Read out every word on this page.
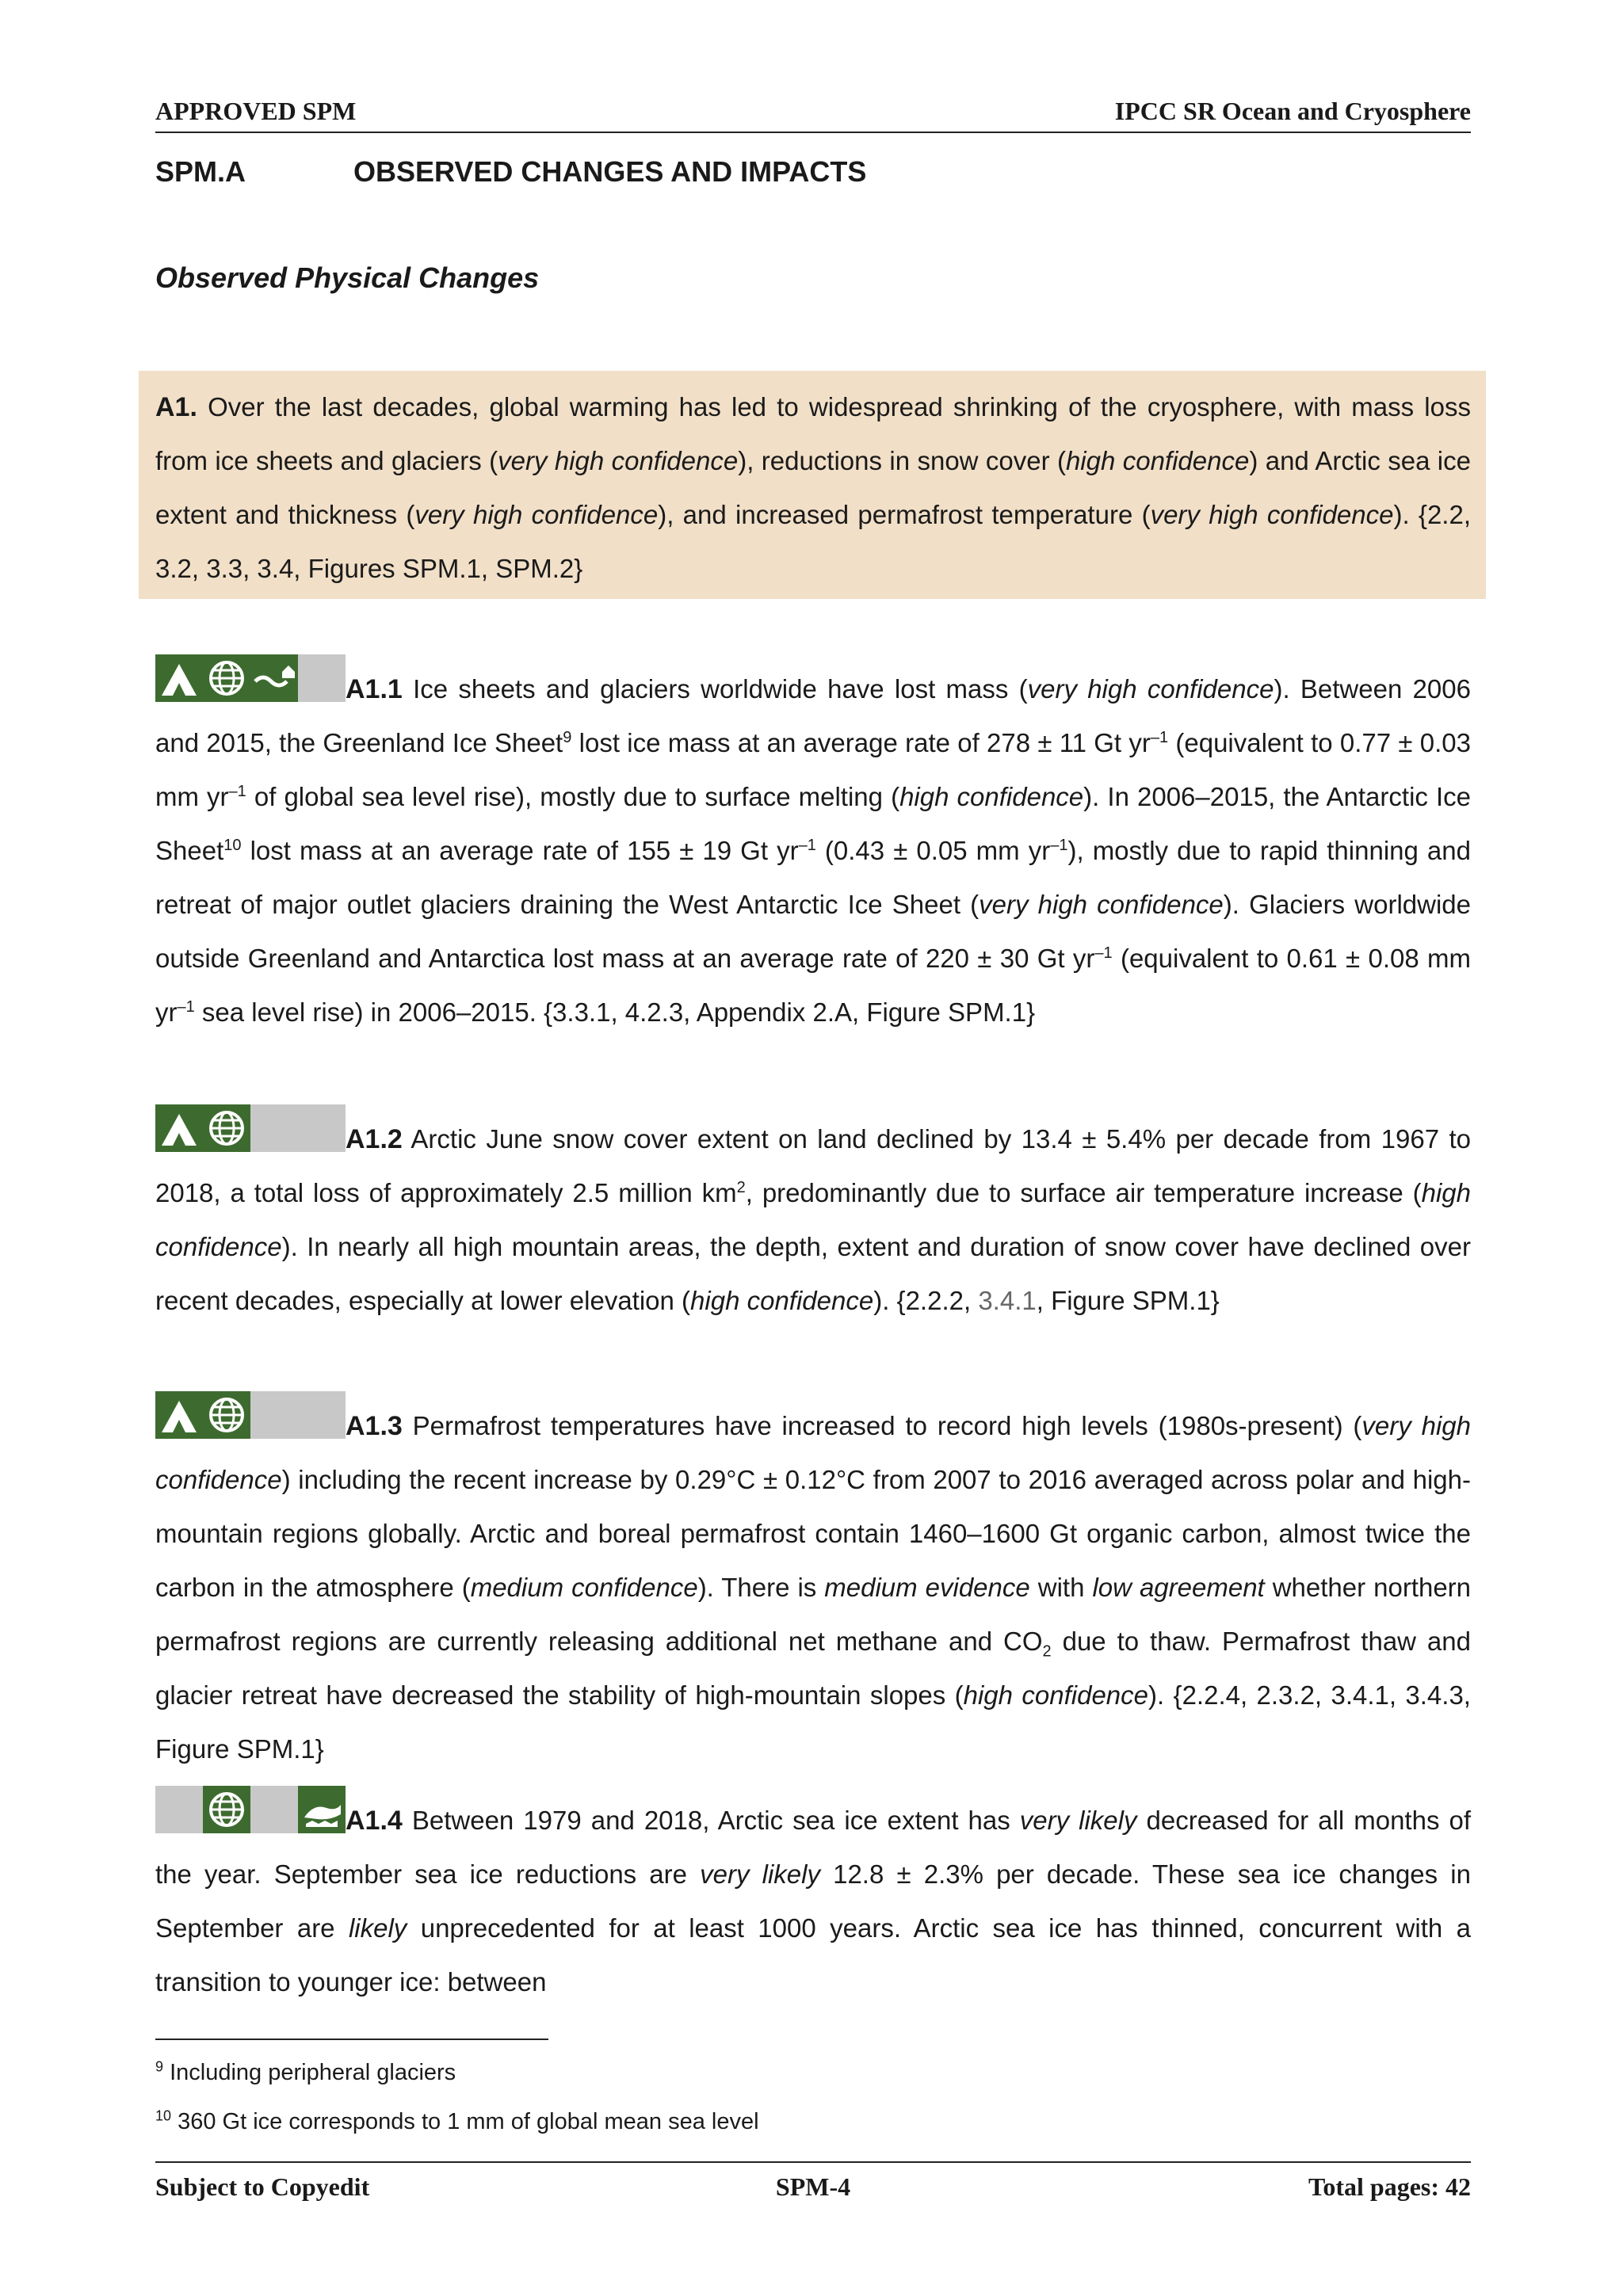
APPROVED SPM	IPCC SR Ocean and Cryosphere
SPM.A	OBSERVED CHANGES AND IMPACTS
Observed Physical Changes
A1. Over the last decades, global warming has led to widespread shrinking of the cryosphere, with mass loss from ice sheets and glaciers (very high confidence), reductions in snow cover (high confidence) and Arctic sea ice extent and thickness (very high confidence), and increased permafrost temperature (very high confidence). {2.2, 3.2, 3.3, 3.4, Figures SPM.1, SPM.2}
A1.1 Ice sheets and glaciers worldwide have lost mass (very high confidence). Between 2006 and 2015, the Greenland Ice Sheet$^9$ lost ice mass at an average rate of 278 ± 11 Gt $yr^{-1}$ (equivalent to 0.77 ± 0.03 mm $yr^{-1}$ of global sea level rise), mostly due to surface melting (high confidence). In 2006–2015, the Antarctic Ice Sheet$^{10}$ lost mass at an average rate of 155 ± 19 Gt $yr^{-1}$ (0.43 ± 0.05 mm $yr^{-1}$), mostly due to rapid thinning and retreat of major outlet glaciers draining the West Antarctic Ice Sheet (very high confidence). Glaciers worldwide outside Greenland and Antarctica lost mass at an average rate of 220 ± 30 Gt $yr^{-1}$ (equivalent to 0.61 ± 0.08 mm $yr^{-1}$ sea level rise) in 2006–2015. {3.3.1, 4.2.3, Appendix 2.A, Figure SPM.1}
A1.2 Arctic June snow cover extent on land declined by 13.4 ± 5.4% per decade from 1967 to 2018, a total loss of approximately 2.5 million $km^2$, predominantly due to surface air temperature increase (high confidence). In nearly all high mountain areas, the depth, extent and duration of snow cover have declined over recent decades, especially at lower elevation (high confidence). {2.2.2, 3.4.1, Figure SPM.1}
A1.3 Permafrost temperatures have increased to record high levels (1980s-present) (very high confidence) including the recent increase by 0.29°C ± 0.12°C from 2007 to 2016 averaged across polar and high-mountain regions globally. Arctic and boreal permafrost contain 1460–1600 Gt organic carbon, almost twice the carbon in the atmosphere (medium confidence). There is medium evidence with low agreement whether northern permafrost regions are currently releasing additional net methane and $CO_2$ due to thaw. Permafrost thaw and glacier retreat have decreased the stability of high-mountain slopes (high confidence). {2.2.4, 2.3.2, 3.4.1, 3.4.3, Figure SPM.1}
A1.4 Between 1979 and 2018, Arctic sea ice extent has very likely decreased for all months of the year. September sea ice reductions are very likely 12.8 ± 2.3% per decade. These sea ice changes in September are likely unprecedented for at least 1000 years. Arctic sea ice has thinned, concurrent with a transition to younger ice: between
$^9$ Including peripheral glaciers
$^{10}$ 360 Gt ice corresponds to 1 mm of global mean sea level
Subject to Copyedit	SPM-4	Total pages: 42
